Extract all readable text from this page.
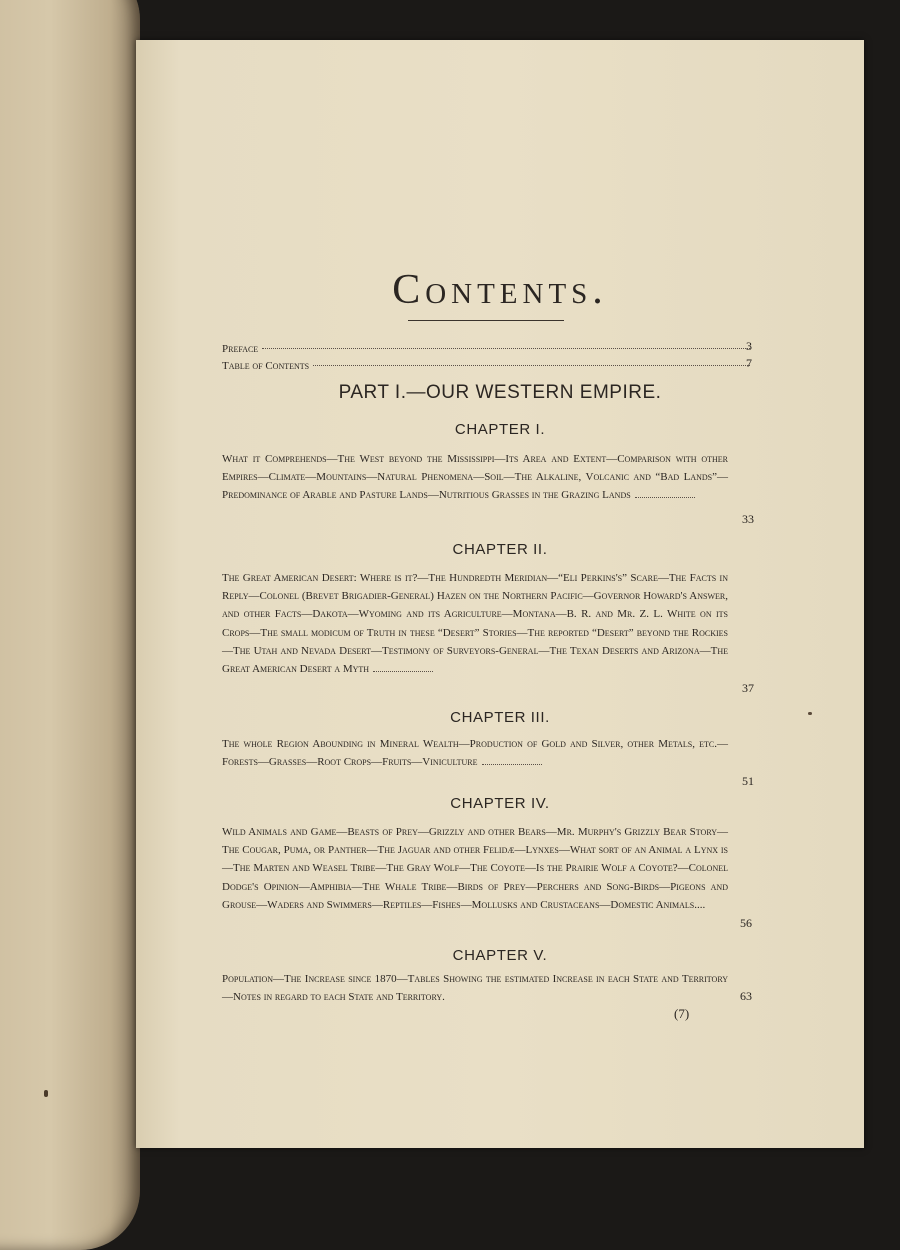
Contents.
Preface	3
Table of Contents	7
PART I.—OUR WESTERN EMPIRE.
CHAPTER I.
What it Comprehends—The West beyond the Mississippi—Its Area and Extent—Comparison with other Empires—Climate—Mountains—Natural Phenomena—Soil—The Alkaline, Volcanic and “Bad Lands”—Predominance of Arable and Pasture Lands—Nutritious Grasses in the Grazing Lands
33
CHAPTER II.
The Great American Desert: Where is it?—The Hundredth Meridian—“Eli Perkins's” Scare—The Facts in Reply—Colonel (Brevet Brigadier-General) Hazen on the Northern Pacific—Governor Howard's Answer, and other Facts—Dakota—Wyoming and its Agriculture—Montana—B. R. and Mr. Z. L. White on its Crops—The small modicum of Truth in these “Desert” Stories—The reported “Desert” beyond the Rockies—The Utah and Nevada Desert—Testimony of Surveyors-General—The Texan Deserts and Arizona—The Great American Desert a Myth
37
CHAPTER III.
The whole Region Abounding in Mineral Wealth—Production of Gold and Silver, other Metals, etc.—Forests—Grasses—Root Crops—Fruits—Viniculture
51
CHAPTER IV.
Wild Animals and Game—Beasts of Prey—Grizzly and other Bears—Mr. Murphy's Grizzly Bear Story—The Cougar, Puma, or Panther—The Jaguar and other Felidæ—Lynxes—What sort of an Animal a Lynx is—The Marten and Weasel Tribe—The Gray Wolf—The Coyote—Is the Prairie Wolf a Coyote?—Colonel Dodge's Opinion—Amphibia—The Whale Tribe—Birds of Prey—Perchers and Song-Birds—Pigeons and Grouse—Waders and Swimmers—Reptiles—Fishes—Mollusks and Crustaceans—Domestic Animals....
56
CHAPTER V.
Population—The Increase since 1870—Tables Showing the estimated Increase in each State and Territory—Notes in regard to each State and Territory.	63
(7)
